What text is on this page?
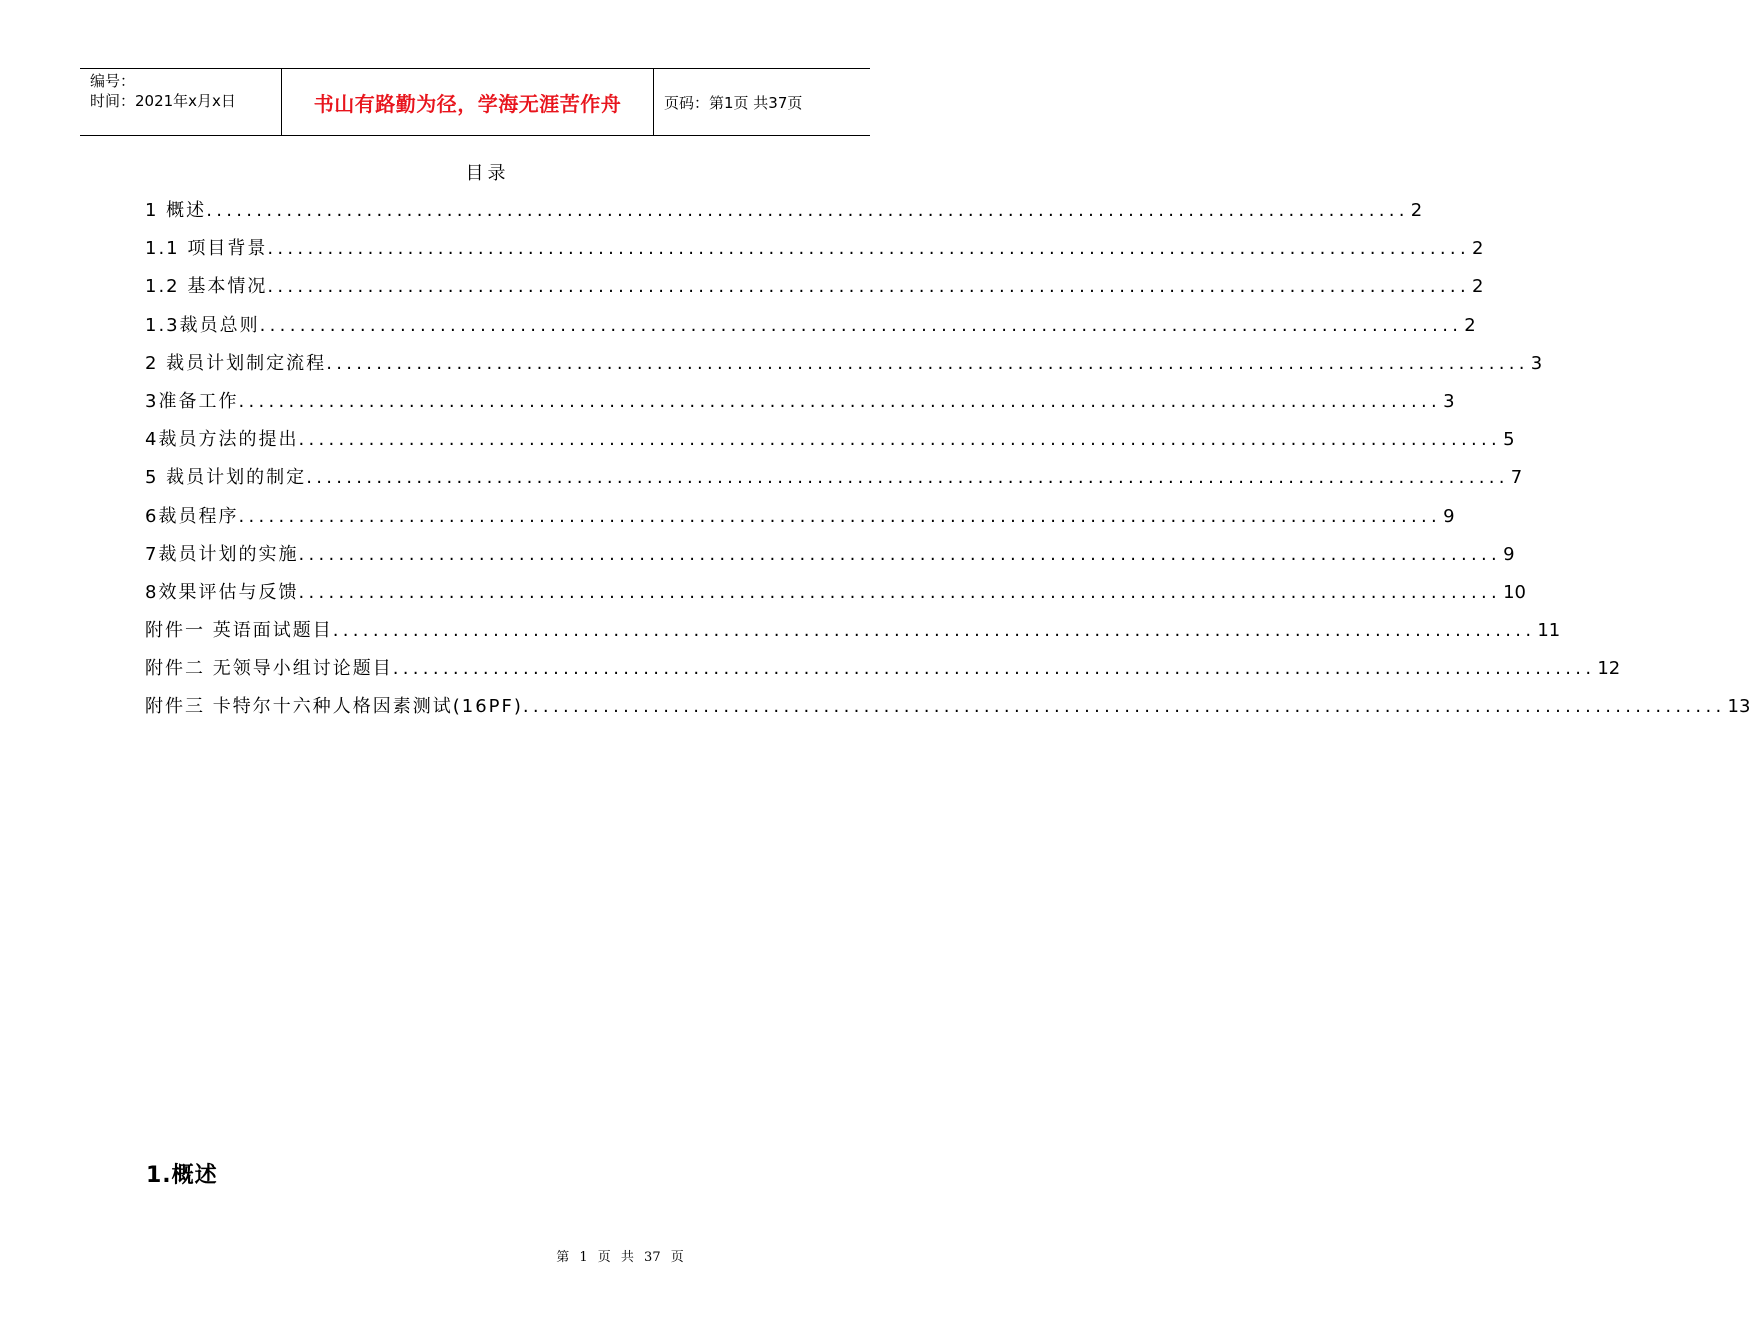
编号：
时间：2021年x月x日	书山有路勤为径，学海无涯苦作舟	页码：第1页 共37页
目录
1 概述 ........................................................................................................................ 2
1.1 项目背景 ........................................................................................................................ 2
1.2 基本情况 ........................................................................................................................ 2
1.3裁员总则 ........................................................................................................................ 2
2 裁员计划制定流程 ........................................................................................................................ 3
3准备工作 ........................................................................................................................ 3
4裁员方法的提出 ........................................................................................................................ 5
5 裁员计划的制定 ........................................................................................................................ 7
6裁员程序 ........................................................................................................................ 9
7裁员计划的实施 ........................................................................................................................ 9
8效果评估与反馈 ........................................................................................................................ 10
附件一 英语面试题目 ........................................................................................................................ 11
附件二 无领导小组讨论题目 ........................................................................................................................ 12
附件三 卡特尔十六种人格因素测试(16PF) ........................................................................................................................ 13
1.概述
第 1 页 共 37 页
